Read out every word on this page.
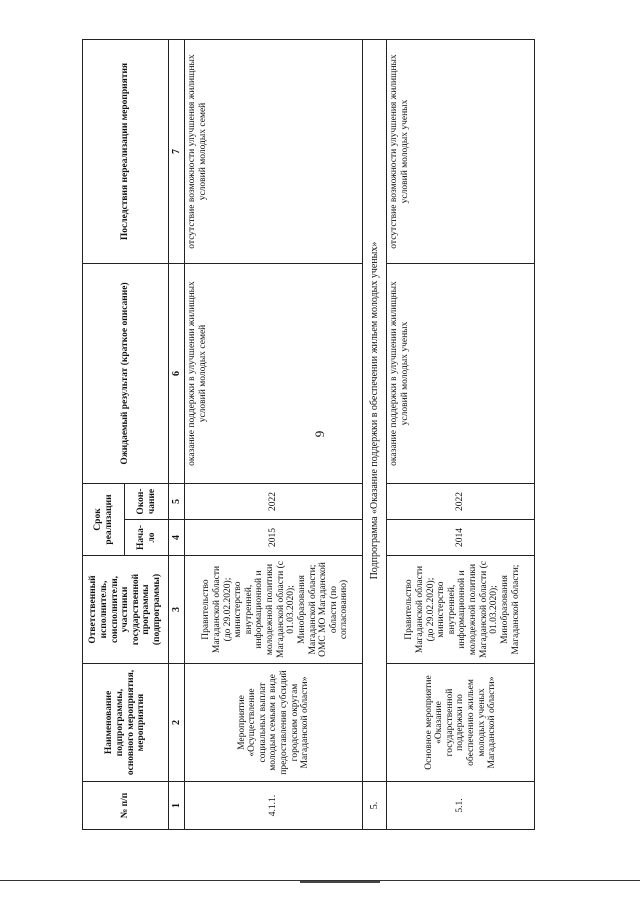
9
№ п/п	Наименование подпрограммы, основного мероприятия, мероприятия	Ответственный исполнитель, соисполнители, участники государственной программы (подпрограммы)	Срок реализации		Ожидаемый результат (краткое описание)	Последствия нереализации мероприятия
			Нача-ло	Окон-чание		
1	2	3	4	5	6	7
4.1.1.	Мероприятие «Осуществление социальных выплат молодым семьям в виде предоставления субсидий городским округам Магаданской области»	Правительство Магаданской области (до 29.02.2020); министерство внутренней, информационной и молодежной политики Магаданской области (с 01.03.2020); Минобразования Магаданской области; ОМС МО Магаданской области (по согласованию)	2015	2022	оказание поддержки в улучшении жилищных условий молодых семей	отсутствие возможности улучшения жилищных условий молодых семей
5.	Подпрограмма «Оказание поддержки в обеспечении жильем молодых ученых»					
5.1.	Основное мероприятие «Оказание государственной поддержки по обеспечению жильем молодых ученых Магаданской области»	Правительство Магаданской области (до 29.02.2020); министерство внутренней, информационной и молодежной политики Магаданской области (с 01.03.2020); Минобразования Магаданской области;	2014	2022	оказание поддержки в улучшении жилищных условий молодых ученых	отсутствие возможности улучшения жилищных условий молодых ученых
